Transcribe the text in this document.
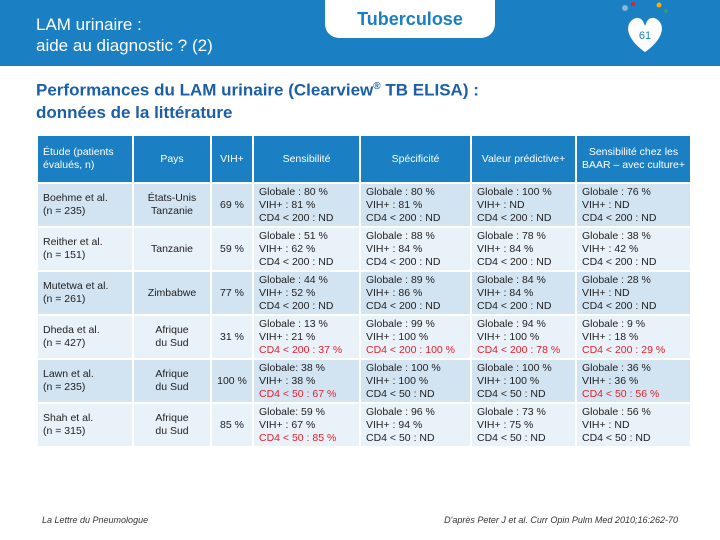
LAM urinaire :
aide au diagnostic ? (2)
Tuberculose
61
Performances du LAM urinaire (Clearview® TB ELISA) :
données de la littérature
Étude (patients évalués, n)	Pays	VIH+	Sensibilité	Spécificité	Valeur prédictive+	Sensibilité chez les BAAR – avec culture+

Boehme et al.
(n = 235)	États-Unis
Tanzanie	69 %	Globale : 80 %
VIH+ : 81 %
CD4 < 200 : ND	Globale : 80 %
VIH+ : 81 %
CD4 < 200 : ND	Globale : 100 %
VIH+ : ND
CD4 < 200 : ND	Globale : 76 %
VIH+ : ND
CD4 < 200 : ND

Reither et al.
(n = 151)	Tanzanie	59 %	Globale : 51 %
VIH+ : 62 %
CD4 < 200 : ND	Globale : 88 %
VIH+ : 84 %
CD4 < 200 : ND	Globale : 78 %
VIH+ : 84 %
CD4 < 200 : ND	Globale : 38 %
VIH+ : 42 %
CD4 < 200 : ND

Mutetwa et al.
(n = 261)	Zimbabwe	77 %	Globale : 44 %
VIH+ : 52 %
CD4 < 200 : ND	Globale : 89 %
VIH+ : 86 %
CD4 < 200 : ND	Globale : 84 %
VIH+ : 84 %
CD4 < 200 : ND	Globale : 28 %
VIH+ : ND
CD4 < 200 : ND

Dheda et al.
(n = 427)	Afrique
du Sud	31 %	Globale : 13 %
VIH+ : 21 %
CD4 < 200 : 37 %	Globale : 99 %
VIH+ : 100 %
CD4 < 200 : 100 %	Globale : 94 %
VIH+ : 100 %
CD4 < 200 : 78 %	Globale : 9 %
VIH+ : 18 %
CD4 < 200 : 29 %

Lawn et al.
(n = 235)	Afrique
du Sud	100 %	Globale: 38 %
VIH+ : 38 %
CD4 < 50 : 67 %	Globale : 100 %
VIH+ : 100 %
CD4 < 50 : ND	Globale : 100 %
VIH+ : 100 %
CD4 < 50 : ND	Globale : 36 %
VIH+ : 36 %
CD4 < 50 : 56 %

Shah et al.
(n = 315)	Afrique
du Sud	85 %	Globale: 59 %
VIH+ : 67 %
CD4 < 50 : 85 %	Globale : 96 %
VIH+ : 94 %
CD4 < 50 : ND	Globale : 73 %
VIH+ : 75 %
CD4 < 50 : ND	Globale : 56 %
VIH+ : ND
CD4 < 50 : ND
La Lettre du Pneumologue	D'après Peter J et al. Curr Opin Pulm Med 2010;16:262-70
